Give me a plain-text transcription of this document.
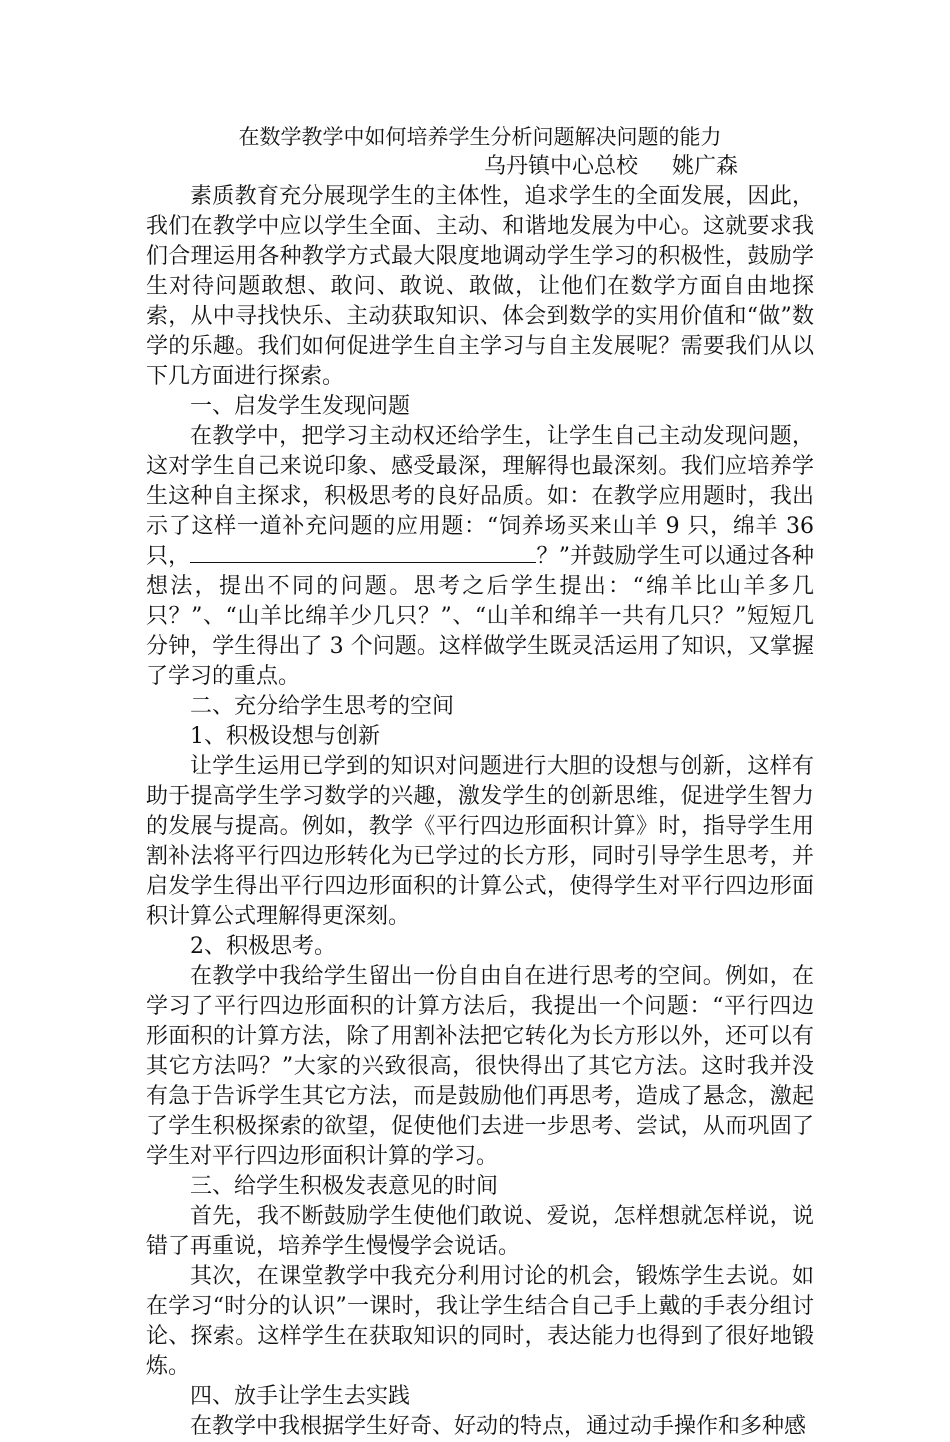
在数学教学中如何培养学生分析问题解决问题的能力
乌丹镇中心总校 姚广森

素质教育充分展现学生的主体性，追求学生的全面发展，因此，我们在教学中应以学生全面、主动、和谐地发展为中心。这就要求我们合理运用各种教学方式最大限度地调动学生学习的积极性，鼓励学生对待问题敢想、敢问、敢说、敢做，让他们在数学方面自由地探索，从中寻找快乐、主动获取知识、体会到数学的实用价值和“做”数学的乐趣。我们如何促进学生自主学习与自主发展呢？需要我们从以下几方面进行探索。

一、启发学生发现问题

在教学中，把学习主动权还给学生，让学生自己主动发现问题，这对学生自己来说印象、感受最深，理解得也最深刻。我们应培养学生这种自主探求，积极思考的良好品质。如：在教学应用题时，我出示了这样一道补充问题的应用题：“饲养场买来山羊 9 只，绵羊 36 只，	？”并鼓励学生可以通过各种想法，提出不同的问题。思考之后学生提出：“绵羊比山羊多几只？”、“山羊比绵羊少几只？”、“山羊和绵羊一共有几只？”短短几分钟，学生得出了 3 个问题。这样做学生既灵活运用了知识，又掌握了学习的重点。

二、充分给学生思考的空间
1、积极设想与创新

让学生运用已学到的知识对问题进行大胆的设想与创新，这样有助于提高学生学习数学的兴趣，激发学生的创新思维，促进学生智力的发展与提高。例如，教学《平行四边形面积计算》时，指导学生用割补法将平行四边形转化为已学过的长方形，同时引导学生思考，并启发学生得出平行四边形面积的计算公式，使得学生对平行四边形面积计算公式理解得更深刻。

2、积极思考。

在教学中我给学生留出一份自由自在进行思考的空间。例如，在学习了平行四边形面积的计算方法后，我提出一个问题：“平行四边形面积的计算方法，除了用割补法把它转化为长方形以外，还可以有其它方法吗？”大家的兴致很高，很快得出了其它方法。这时我并没有急于告诉学生其它方法，而是鼓励他们再思考，造成了悬念，激起了学生积极探索的欲望，促使他们去进一步思考、尝试，从而巩固了学生对平行四边形面积计算的学习。

三、给学生积极发表意见的时间

首先，我不断鼓励学生使他们敢说、爱说，怎样想就怎样说，说错了再重说，培养学生慢慢学会说话。

其次，在课堂教学中我充分利用讨论的机会，锻炼学生去说。如在学习“时分的认识”一课时，我让学生结合自己手上戴的手表分组讨论、探索。这样学生在获取知识的同时，表达能力也得到了很好地锻炼。

四、放手让学生去实践

在教学中我根据学生好奇、好动的特点，通过动手操作和多种感
